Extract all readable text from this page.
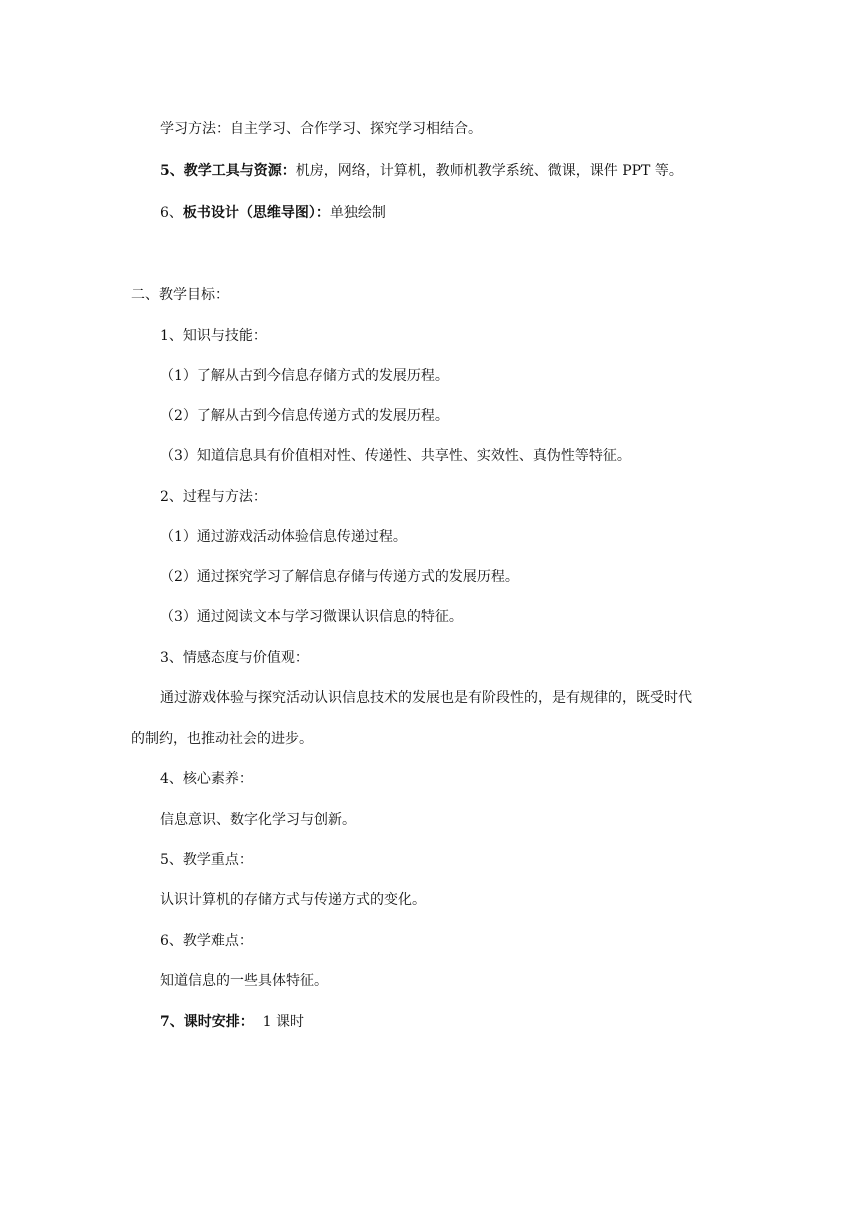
学习方法：自主学习、合作学习、探究学习相结合。
5、教学工具与资源：机房，网络，计算机，教师机教学系统、微课，课件 PPT 等。
6、板书设计（思维导图）：单独绘制
二、教学目标：
1、知识与技能：
（1）了解从古到今信息存储方式的发展历程。
（2）了解从古到今信息传递方式的发展历程。
（3）知道信息具有价值相对性、传递性、共享性、实效性、真伪性等特征。
2、过程与方法：
（1）通过游戏活动体验信息传递过程。
（2）通过探究学习了解信息存储与传递方式的发展历程。
（3）通过阅读文本与学习微课认识信息的特征。
3、情感态度与价值观：
通过游戏体验与探究活动认识信息技术的发展也是有阶段性的，是有规律的，既受时代
的制约，也推动社会的进步。
4、核心素养：
信息意识、数字化学习与创新。
5、教学重点：
认识计算机的存储方式与传递方式的变化。
6、教学难点：
知道信息的一些具体特征。
7、课时安排： 1 课时
